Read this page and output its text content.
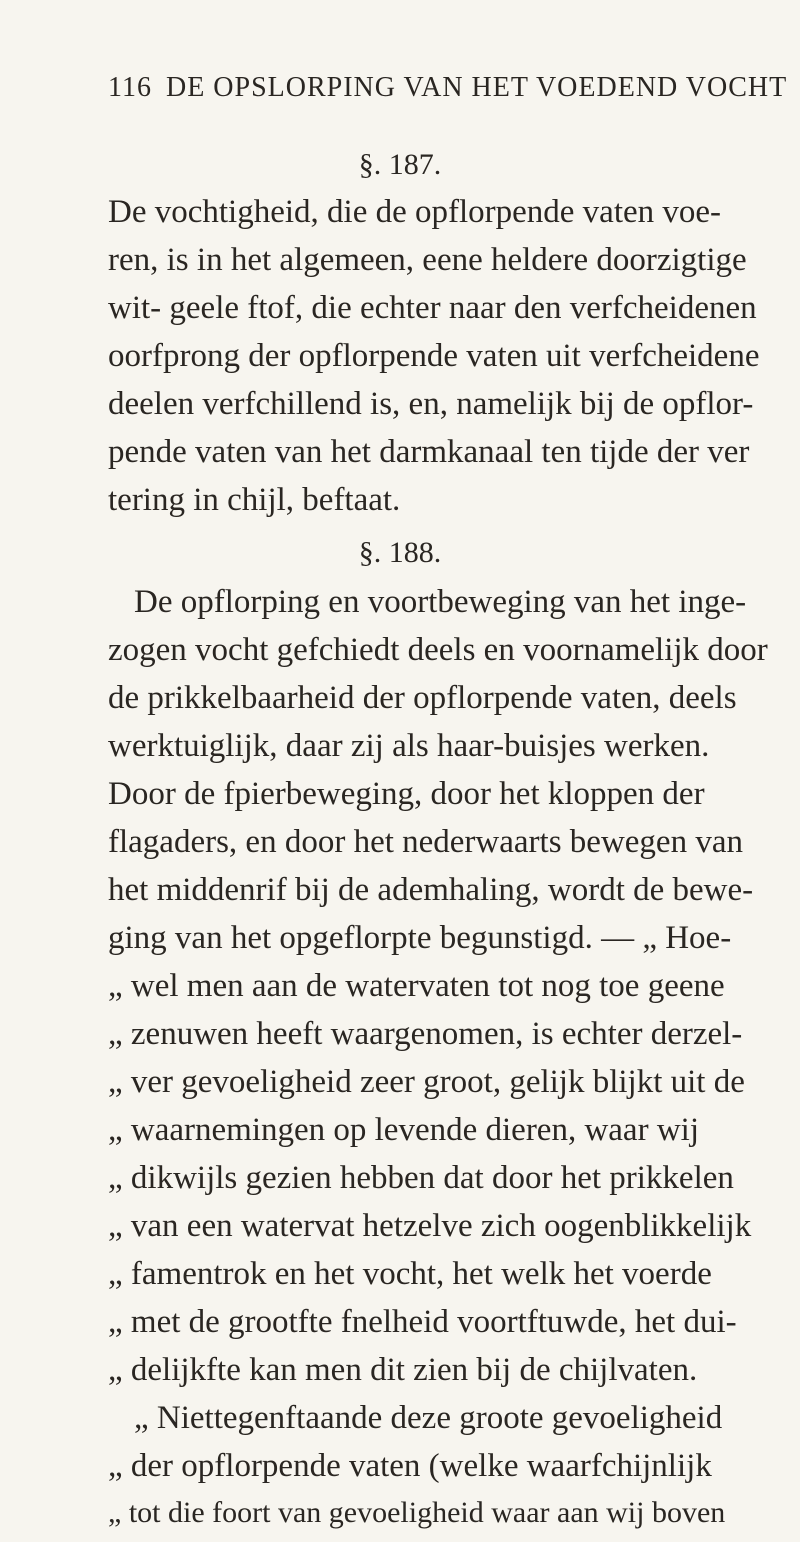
116 DE OPSLORPING VAN HET VOEDEND VOCHT
§. 187.
De vochtigheid, die de opflorpende vaten voe-
ren, is in het algemeen, eene heldere doorzigtige
wit- geele ftof, die echter naar den verfcheidenen
oorfprong der opflorpende vaten uit verfcheidene
deelen verfchillend is, en, namelijk bij de opflor-
pende vaten van het darmkanaal ten tijde der ver
tering in chijl, beftaat.
§. 188.
De opflorping en voortbeweging van het inge-
zogen vocht gefchiedt deels en voornamelijk door
de prikkelbaarheid der opflorpende vaten, deels
werktuiglijk, daar zij als haar-buisjes werken.
Door de fpierbeweging, door het kloppen der
flagaders, en door het nederwaarts bewegen van
het middenrif bij de ademhaling, wordt de bewe-
ging van het opgeflorpte begunstigd. — „ Hoe-
„ wel men aan de watervaten tot nog toe geene
„ zenuwen heeft waargenomen, is echter derzel-
„ ver gevoeligheid zeer groot, gelijk blijkt uit de
„ waarnemingen op levende dieren, waar wij
„ dikwijls gezien hebben dat door het prikkelen
„ van een watervat hetzelve zich oogenblikkelijk
„ famentrok en het vocht, het welk het voerde
„ met de grootfte fnelheid voortftuwde, het dui-
„ delijkfte kan men dit zien bij de chijlvaten.
„ Niettegenftaande deze groote gevoeligheid
„ der opflorpende vaten (welke waarfchijnlijk
„ tot die foort van gevoeligheid waar aan wij boven
